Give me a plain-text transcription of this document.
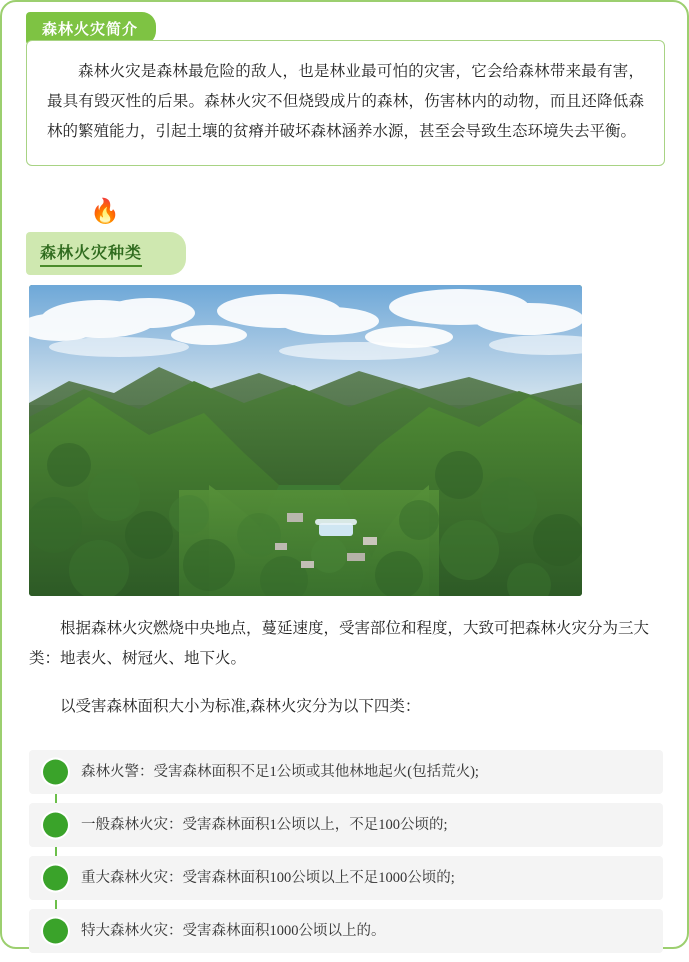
森林火灾简介

森林火灾是森林最危险的敌人，也是林业最可怕的灾害，它会给森林带来最有害，最具有毁灭性的后果。森林火灾不但烧毁成片的森林，伤害林内的动物，而且还降低森林的繁殖能力，引起土壤的贫瘠并破坏森林涵养水源，甚至会导致生态环境失去平衡。

🔥
森林火灾种类

根据森林火灾燃烧中央地点，蔓延速度，受害部位和程度，大致可把森林火灾分为三大类：地表火、树冠火、地下火。

以受害森林面积大小为标准,森林火灾分为以下四类：

森林火警：受害森林面积不足1公顷或其他林地起火(包括荒火);
一般森林火灾：受害森林面积1公顷以上，不足100公顷的;
重大森林火灾：受害森林面积100公顷以上不足1000公顷的;
特大森林火灾：受害森林面积1000公顷以上的。
